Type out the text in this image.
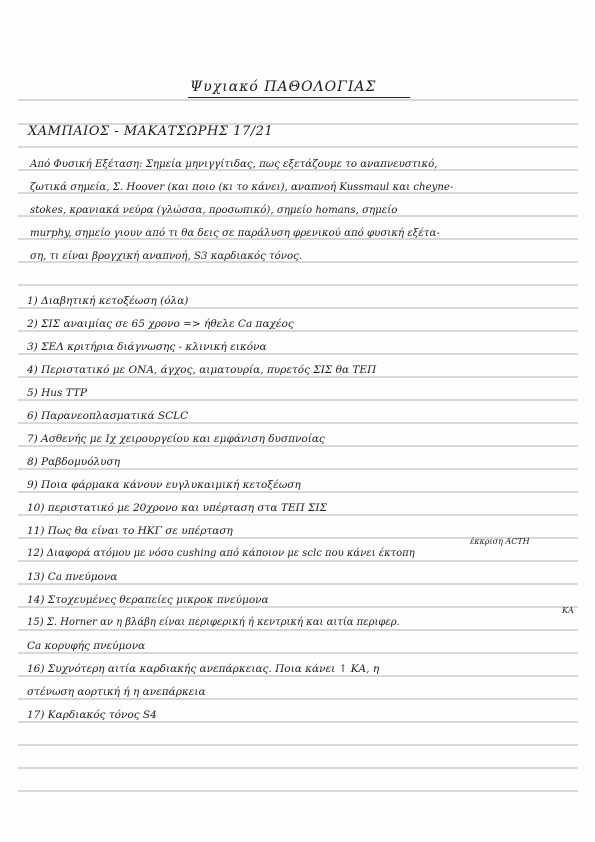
Ψυχιακό ΠΑΘΟΛΟΓΙΑΣ
ΧΑΜΠΑΙΟΣ - ΜΑΚΑΤΣΩΡΗΣ 17/21
Από Φυσική Εξέταση: Σημεία μηνιγγίτιδας, πως εξετάζουμε το αναπνευστικό,
ζωτικά σημεία, Σ. Hoover (και ποιο (κι το κάνει), αναπνοή Kussmaul και cheyne-
stokes, κρανιακά νεύρα (γλώσσα, προσωπικό), σημείο homans, σημείο
murphy, σημείο γιουν από τι θα δεις σε παράλυση φρενικού από φυσική εξέτα-
ση, τι είναι βρογχική αναπνοή, S3 καρδιακός τόνος.
1) Διαβητική κετοξέωση (όλα)
2) ΣΙΣ αναιμίας σε 65 χρονο => ήθελε Ca παχέος
3) ΣΕΛ κριτήρια διάγνωσης - κλινική εικόνα
4) Περιστατικό με ΟΝΑ, άγχος, αιματουρία, πυρετός ΣΙΣ θα ΤΕΠ
5) Hus TTP
6) Παρανεοπλασματικά SCLC
7) Ασθενής με Ιχ χειρουργείου και εμφάνιση δυσπνοίας
8) Ραβδομυόλυση
9) Ποια φάρμακα κάνουν ευγλυκαιμική κετοξέωση
10) περιστατικό με 20χρονο και υπέρταση στα ΤΕΠ ΣΙΣ
11) Πως θα είναι το ΗΚΓ σε υπέρταση
12) Διαφορά ατόμου με νόσο cushing από κάποιον με sclc που κάνει έκτοπη
13) Ca πνεύμονα
14) Στοχευμένες θεραπείες μικροκ πνεύμονα
15) Σ. Horner αν η βλάβη είναι περιφερική ή κεντρική και αιτία περιφερ.
Ca κορυφής πνεύμονα
16) Συχνότερη αιτία καρδιακής ανεπάρκειας. Ποια κάνει ↑ ΚΑ, η
στένωση αορτική ή η ανεπάρκεια
17) Καρδιακός τόνος S4
έκκριση ACTH
ΚΑ
